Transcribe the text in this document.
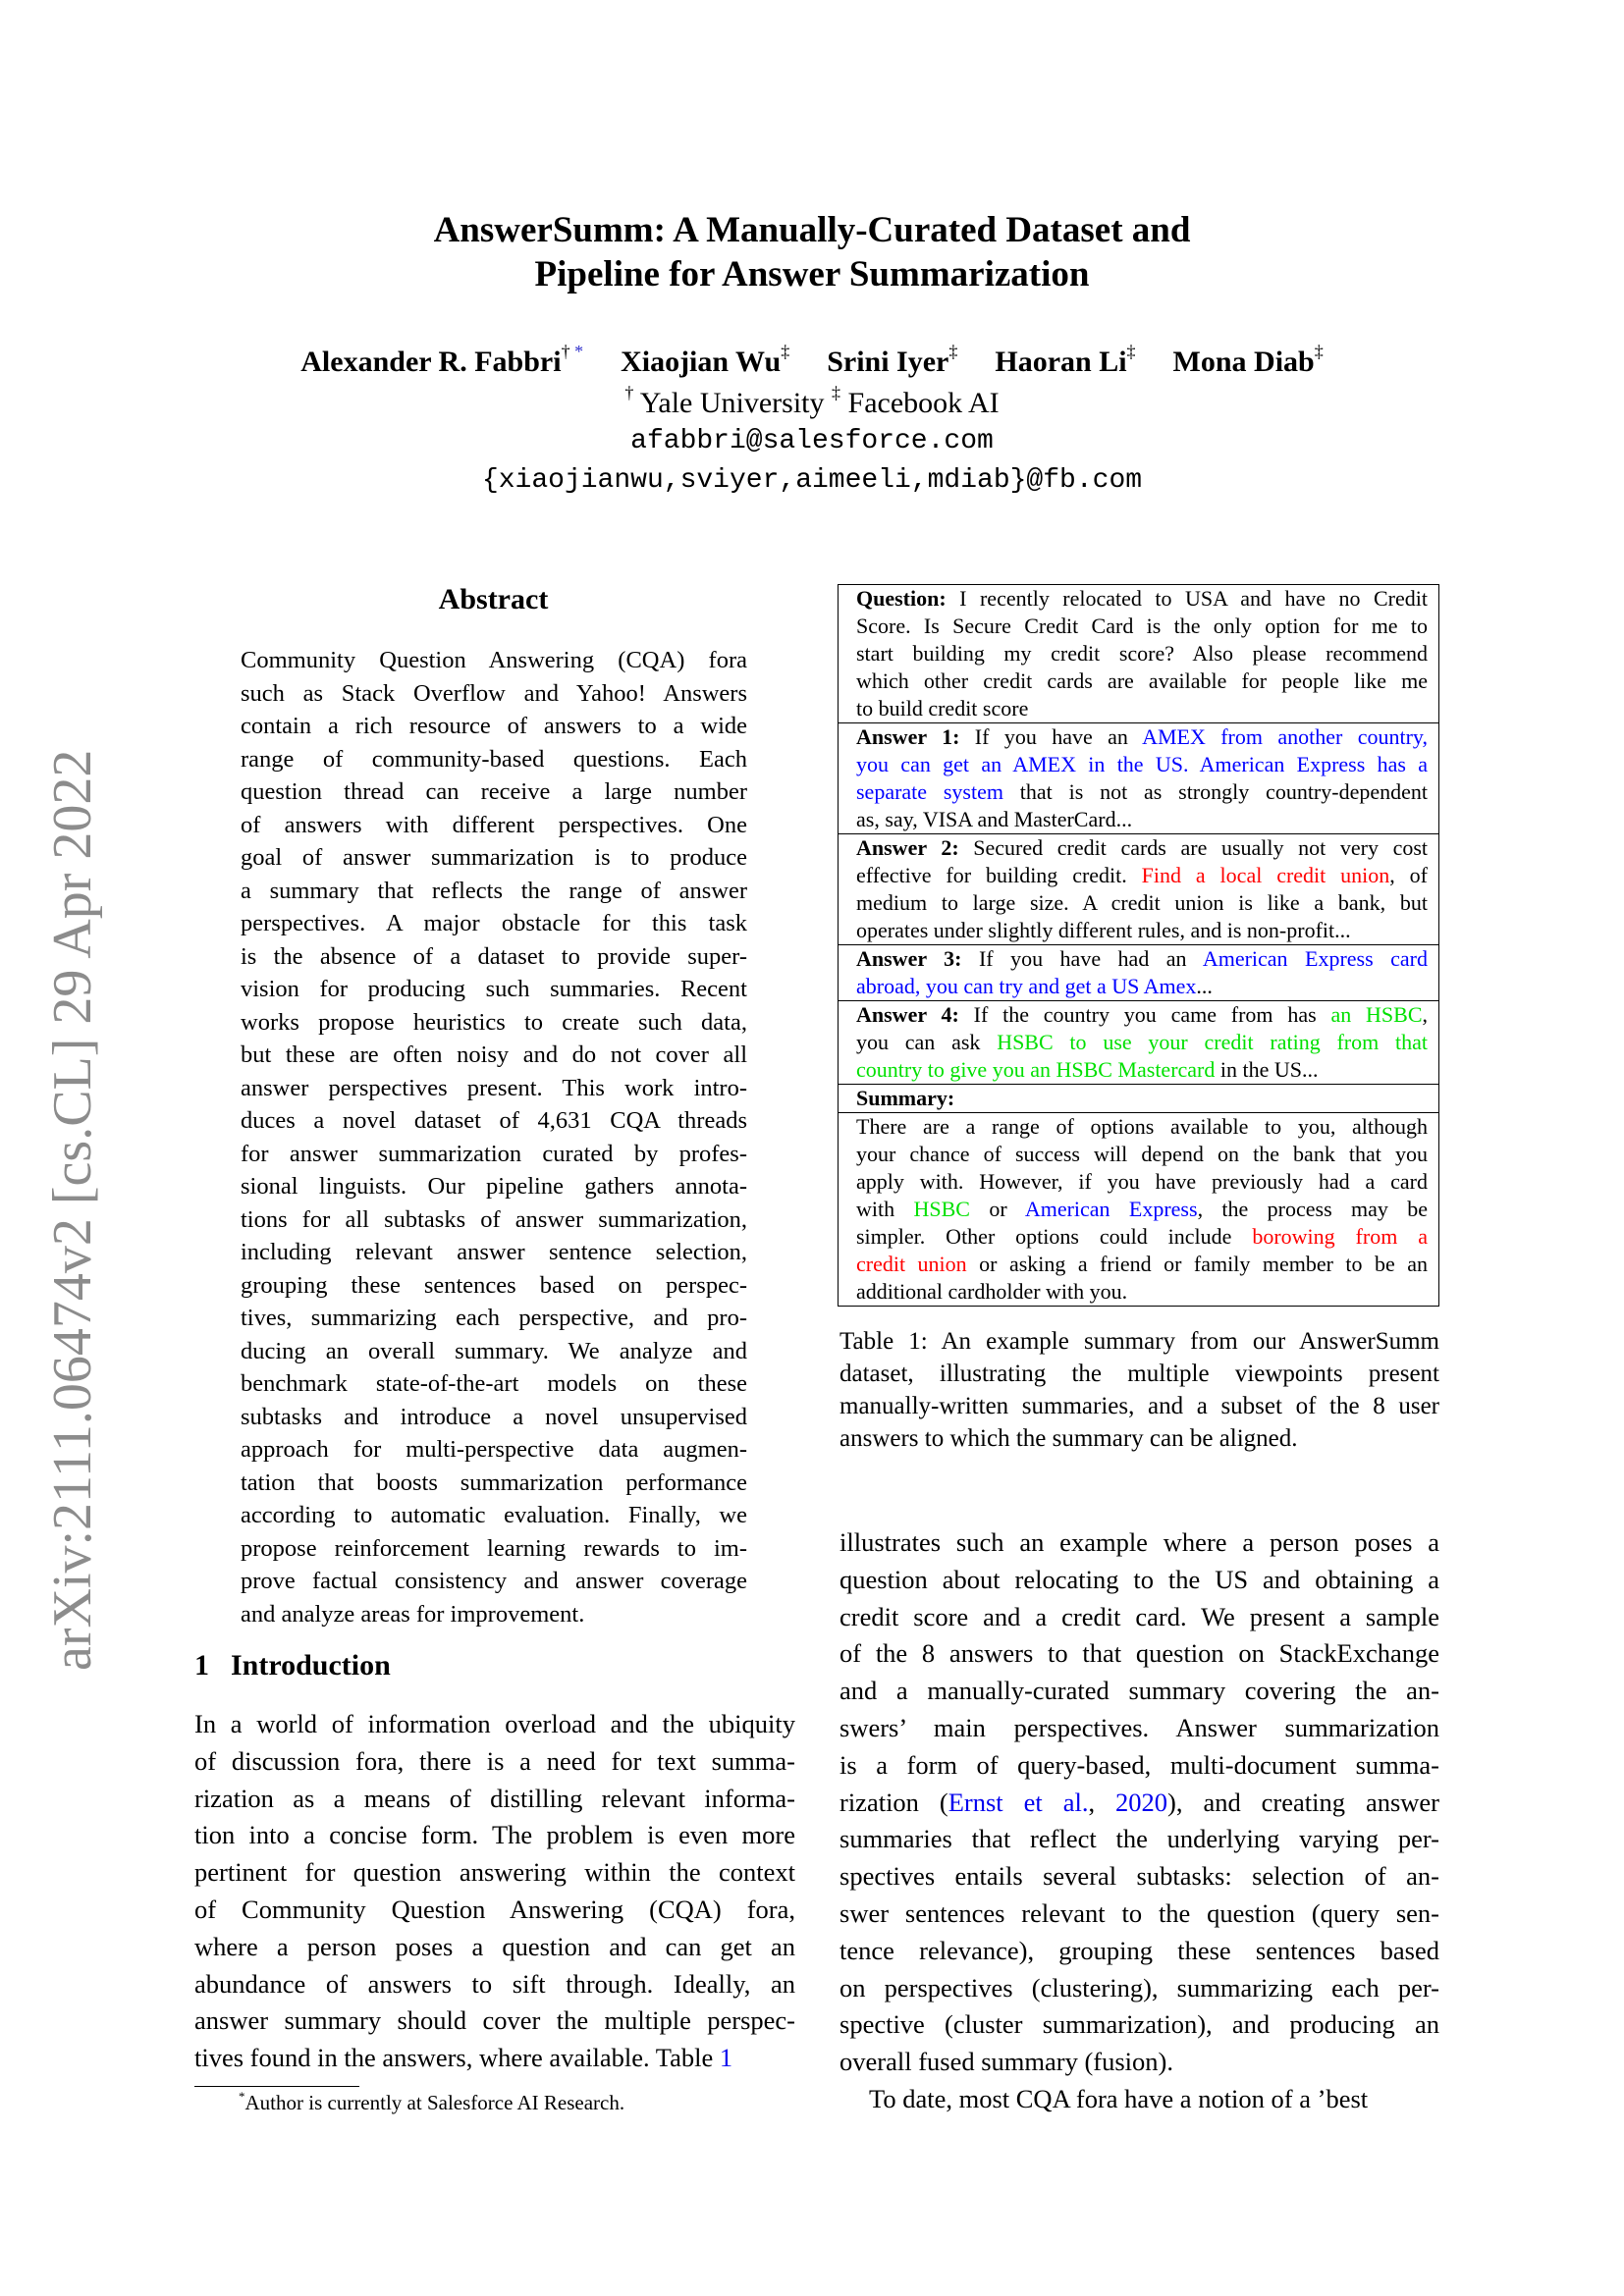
AnswerSumm: A Manually-Curated Dataset and
Pipeline for Answer Summarization
Alexander R. Fabbri† * Xiaojian Wu‡ Srini Iyer‡ Haoran Li‡ Mona Diab‡
† Yale University ‡ Facebook AI
afabbri@salesforce.com
{xiaojianwu,sviyer,aimeeli,mdiab}@fb.com
arXiv:2111.06474v2 [cs.CL] 29 Apr 2022
Abstract
Community Question Answering (CQA) fora
such as Stack Overflow and Yahoo! Answers
contain a rich resource of answers to a wide
range of community-based questions. Each
question thread can receive a large number
of answers with different perspectives. One
goal of answer summarization is to produce
a summary that reflects the range of answer
perspectives. A major obstacle for this task
is the absence of a dataset to provide super-
vision for producing such summaries. Recent
works propose heuristics to create such data,
but these are often noisy and do not cover all
answer perspectives present. This work intro-
duces a novel dataset of 4,631 CQA threads
for answer summarization curated by profes-
sional linguists. Our pipeline gathers annota-
tions for all subtasks of answer summarization,
including relevant answer sentence selection,
grouping these sentences based on perspec-
tives, summarizing each perspective, and pro-
ducing an overall summary. We analyze and
benchmark state-of-the-art models on these
subtasks and introduce a novel unsupervised
approach for multi-perspective data augmen-
tation that boosts summarization performance
according to automatic evaluation. Finally, we
propose reinforcement learning rewards to im-
prove factual consistency and answer coverage
and analyze areas for improvement.
1 Introduction
In a world of information overload and the ubiquity
of discussion fora, there is a need for text summa-
rization as a means of distilling relevant informa-
tion into a concise form. The problem is even more
pertinent for question answering within the context
of Community Question Answering (CQA) fora,
where a person poses a question and can get an
abundance of answers to sift through. Ideally, an
answer summary should cover the multiple perspec-
tives found in the answers, where available. Table 1
*Author is currently at Salesforce AI Research.
Question: I recently relocated to USA and have no Credit
Score. Is Secure Credit Card is the only option for me to
start building my credit score? Also please recommend
which other credit cards are available for people like me
to build credit score
Answer 1: If you have an AMEX from another country,
you can get an AMEX in the US. American Express has a
separate system that is not as strongly country-dependent
as, say, VISA and MasterCard...
Answer 2: Secured credit cards are usually not very cost
effective for building credit. Find a local credit union, of
medium to large size. A credit union is like a bank, but
operates under slightly different rules, and is non-profit...
Answer 3: If you have had an American Express card
abroad, you can try and get a US Amex...
Answer 4: If the country you came from has an HSBC,
you can ask HSBC to use your credit rating from that
country to give you an HSBC Mastercard in the US...
Summary:
There are a range of options available to you, although
your chance of success will depend on the bank that you
apply with. However, if you have previously had a card
with HSBC or American Express, the process may be
simpler. Other options could include borowing from a
credit union or asking a friend or family member to be an
additional cardholder with you.
Table 1: An example summary from our AnswerSumm
dataset, illustrating the multiple viewpoints present
manually-written summaries, and a subset of the 8 user
answers to which the summary can be aligned.
illustrates such an example where a person poses a
question about relocating to the US and obtaining a
credit score and a credit card. We present a sample
of the 8 answers to that question on StackExchange
and a manually-curated summary covering the an-
swers’ main perspectives. Answer summarization
is a form of query-based, multi-document summa-
rization (Ernst et al., 2020), and creating answer
summaries that reflect the underlying varying per-
spectives entails several subtasks: selection of an-
swer sentences relevant to the question (query sen-
tence relevance), grouping these sentences based
on perspectives (clustering), summarizing each per-
spective (cluster summarization), and producing an
overall fused summary (fusion).
To date, most CQA fora have a notion of a ’best
